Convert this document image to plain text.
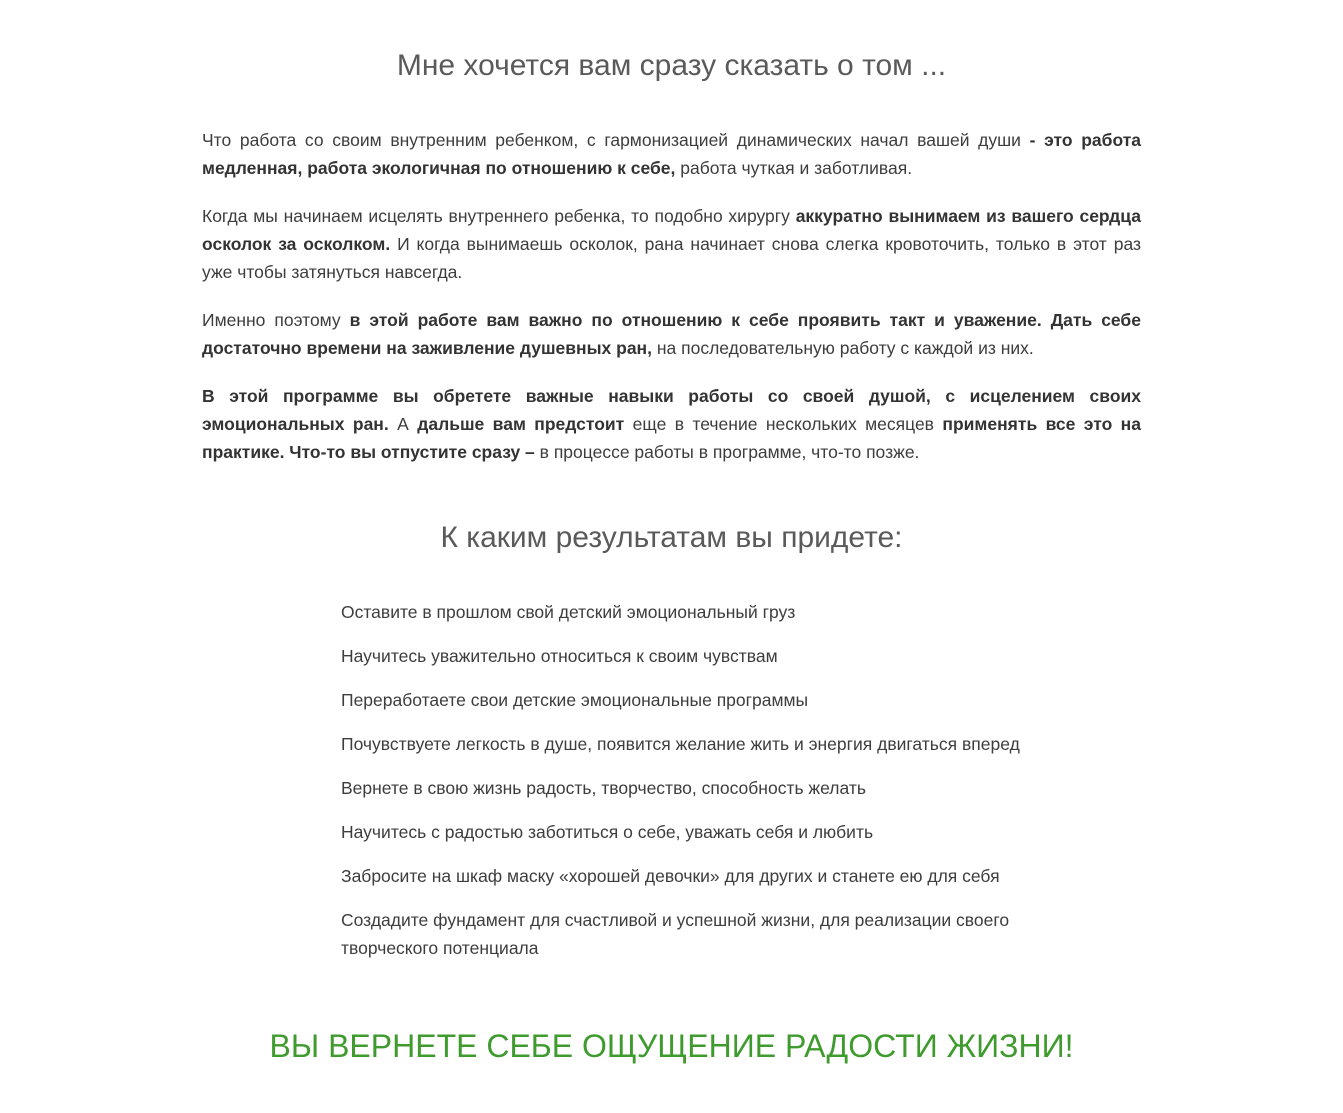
Мне хочется вам сразу сказать о том ...

Что работа со своим внутренним ребенком, с гармонизацией динамических начал вашей души - это работа медленная, работа экологичная по отношению к себе, работа чуткая и заботливая.

Когда мы начинаем исцелять внутреннего ребенка, то подобно хирургу аккуратно вынимаем из вашего сердца осколок за осколком. И когда вынимаешь осколок, рана начинает снова слегка кровоточить, только в этот раз уже чтобы затянуться навсегда.

Именно поэтому в этой работе вам важно по отношению к себе проявить такт и уважение. Дать себе достаточно времени на заживление душевных ран, на последовательную работу с каждой из них.

В этой программе вы обретете важные навыки работы со своей душой, с исцелением своих эмоциональных ран. А дальше вам предстоит еще в течение нескольких месяцев применять все это на практике. Что-то вы отпустите сразу – в процессе работы в программе, что-то позже.

К каким результатам вы придете:
Оставите в прошлом свой детский эмоциональный груз
Научитесь уважительно относиться к своим чувствам
Переработаете свои детские эмоциональные программы
Почувствуете легкость в душе, появится желание жить и энергия двигаться вперед
Вернете в свою жизнь радость, творчество, способность желать
Научитесь с радостью заботиться о себе, уважать себя и любить
Забросите на шкаф маску «хорошей девочки» для других и станете ею для себя
Создадите фундамент для счастливой и успешной жизни, для реализации своего творческого потенциала
ВЫ ВЕРНЕТЕ СЕБЕ ОЩУЩЕНИЕ РАДОСТИ ЖИЗНИ!
